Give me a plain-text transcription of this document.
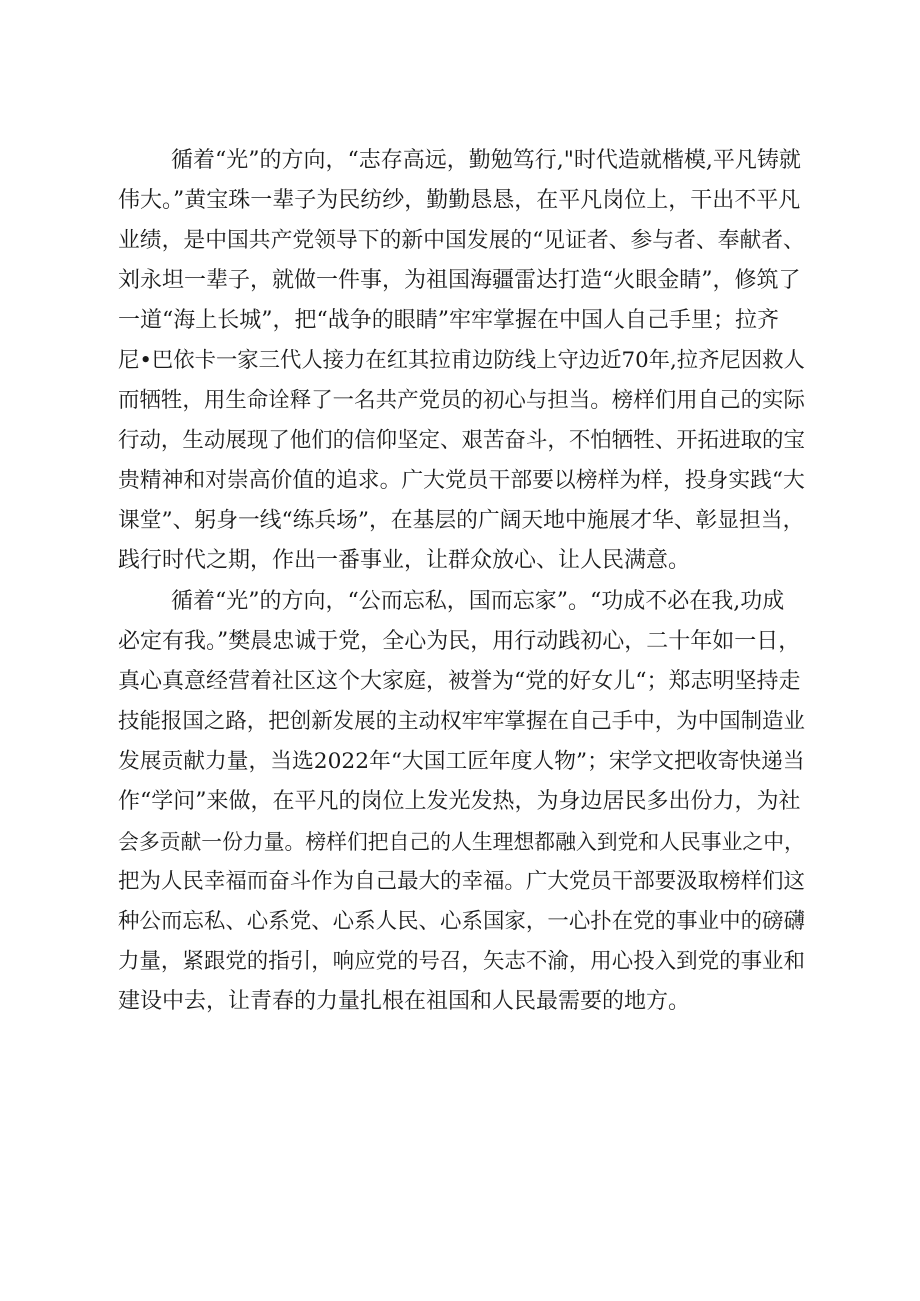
循着“光”的方向，“志存高远，勤勉笃行,"时代造就楷模,平凡铸就

伟大。”黄宝珠一辈子为民纺纱，勤勤恳恳，在平凡岗位上，干出不平凡

业绩，是中国共产党领导下的新中国发展的“见证者、参与者、奉献者、

刘永坦一辈子，就做一件事，为祖国海疆雷达打造“火眼金睛”，修筑了

一道“海上长城”，把“战争的眼睛”牢牢掌握在中国人自己手里；拉齐

尼•巴依卡一家三代人接力在红其拉甫边防线上守边近70年,拉齐尼因救人

而牺牲，用生命诠释了一名共产党员的初心与担当。榜样们用自己的实际

行动，生动展现了他们的信仰坚定、艰苦奋斗，不怕牺牲、开拓进取的宝

贵精神和对崇高价值的追求。广大党员干部要以榜样为样，投身实践“大

课堂”、躬身一线“练兵场”，在基层的广阔天地中施展才华、彰显担当，

践行时代之期，作出一番事业，让群众放心、让人民满意。

循着“光”的方向，“公而忘私，国而忘家”。“功成不必在我,功成

必定有我。”樊晨忠诚于党，全心为民，用行动践初心，二十年如一日，

真心真意经营着社区这个大家庭，被誉为“党的好女儿“；郑志明坚持走

技能报国之路，把创新发展的主动权牢牢掌握在自己手中，为中国制造业

发展贡献力量，当选2022年“大国工匠年度人物”；宋学文把收寄快递当

作“学问”来做，在平凡的岗位上发光发热，为身边居民多出份力，为社

会多贡献一份力量。榜样们把自己的人生理想都融入到党和人民事业之中，

把为人民幸福而奋斗作为自己最大的幸福。广大党员干部要汲取榜样们这

种公而忘私、心系党、心系人民、心系国家，一心扑在党的事业中的磅礴

力量，紧跟党的指引，响应党的号召，矢志不渝，用心投入到党的事业和

建设中去，让青春的力量扎根在祖国和人民最需要的地方。
